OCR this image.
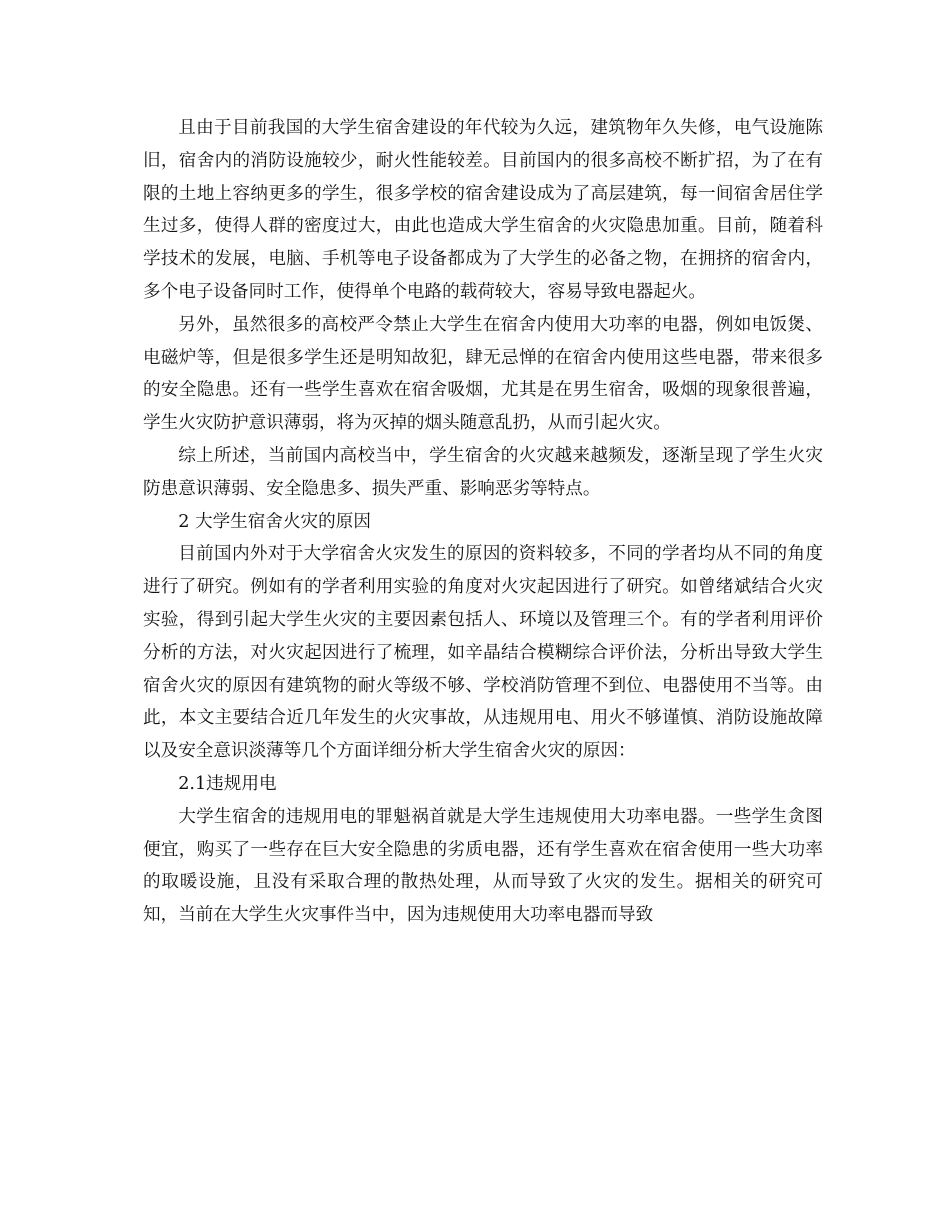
且由于目前我国的大学生宿舍建设的年代较为久远，建筑物年久失修，电气设施陈旧，宿舍内的消防设施较少，耐火性能较差。目前国内的很多高校不断扩招，为了在有限的土地上容纳更多的学生，很多学校的宿舍建设成为了高层建筑，每一间宿舍居住学生过多，使得人群的密度过大，由此也造成大学生宿舍的火灾隐患加重。目前，随着科学技术的发展，电脑、手机等电子设备都成为了大学生的必备之物，在拥挤的宿舍内，多个电子设备同时工作，使得单个电路的载荷较大，容易导致电器起火。

另外，虽然很多的高校严令禁止大学生在宿舍内使用大功率的电器，例如电饭煲、电磁炉等，但是很多学生还是明知故犯，肆无忌惮的在宿舍内使用这些电器，带来很多的安全隐患。还有一些学生喜欢在宿舍吸烟，尤其是在男生宿舍，吸烟的现象很普遍，学生火灾防护意识薄弱，将为灭掉的烟头随意乱扔，从而引起火灾。

综上所述，当前国内高校当中，学生宿舍的火灾越来越频发，逐渐呈现了学生火灾防患意识薄弱、安全隐患多、损失严重、影响恶劣等特点。

2 大学生宿舍火灾的原因

目前国内外对于大学宿舍火灾发生的原因的资料较多，不同的学者均从不同的角度进行了研究。例如有的学者利用实验的角度对火灾起因进行了研究。如曾绪斌结合火灾实验，得到引起大学生火灾的主要因素包括人、环境以及管理三个。有的学者利用评价分析的方法，对火灾起因进行了梳理，如辛晶结合模糊综合评价法，分析出导致大学生宿舍火灾的原因有建筑物的耐火等级不够、学校消防管理不到位、电器使用不当等。由此，本文主要结合近几年发生的火灾事故，从违规用电、用火不够谨慎、消防设施故障以及安全意识淡薄等几个方面详细分析大学生宿舍火灾的原因：

2.1违规用电

大学生宿舍的违规用电的罪魁祸首就是大学生违规使用大功率电器。一些学生贪图便宜，购买了一些存在巨大安全隐患的劣质电器，还有学生喜欢在宿舍使用一些大功率的取暖设施，且没有采取合理的散热处理，从而导致了火灾的发生。据相关的研究可知，当前在大学生火灾事件当中，因为违规使用大功率电器而导致
